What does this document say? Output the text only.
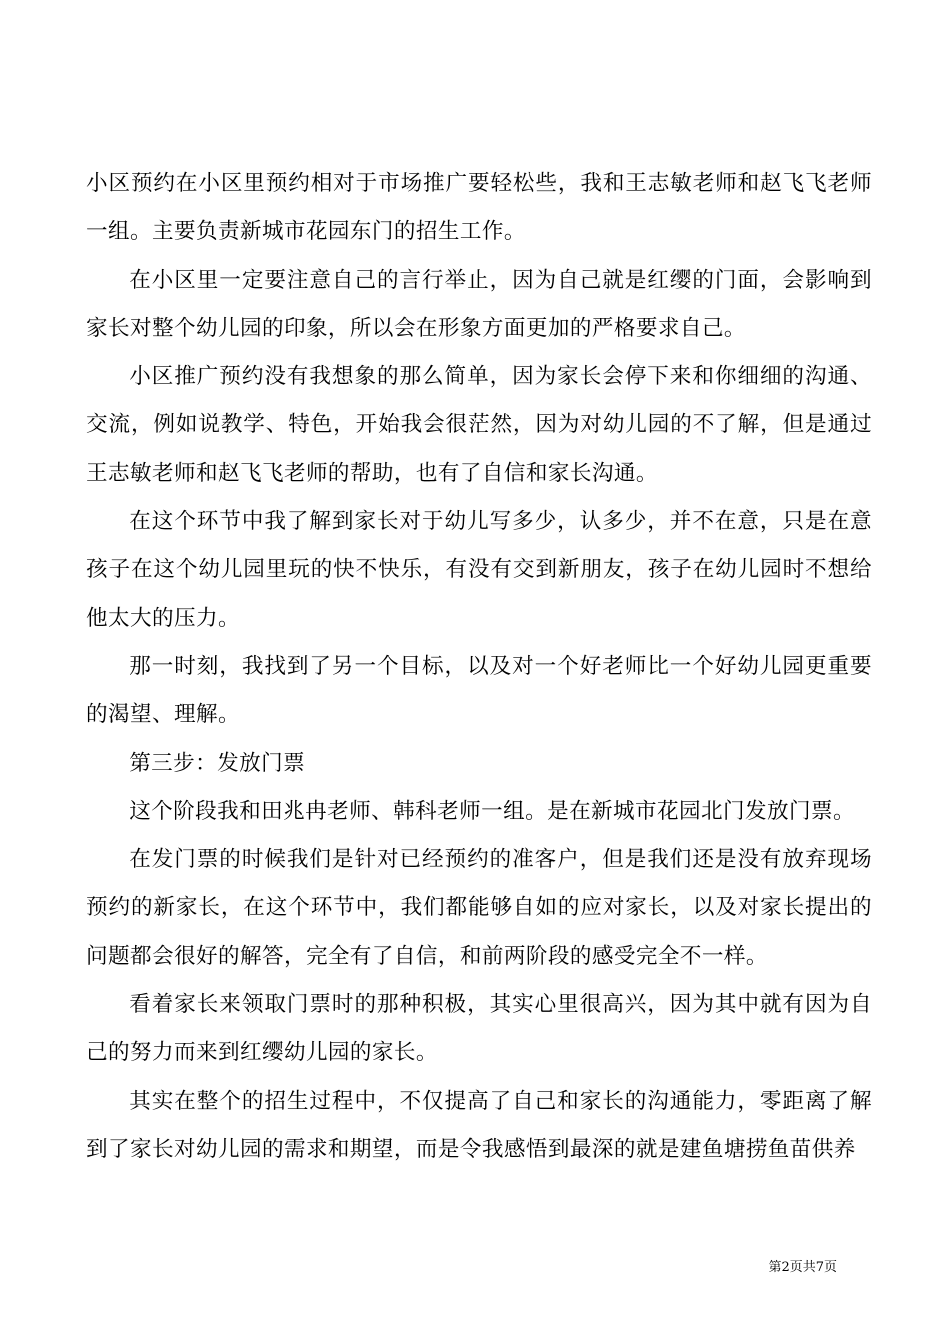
小区预约在小区里预约相对于市场推广要轻松些，我和王志敏老师和赵飞飞老师一组。主要负责新城市花园东门的招生工作。

在小区里一定要注意自己的言行举止，因为自己就是红缨的门面，会影响到家长对整个幼儿园的印象，所以会在形象方面更加的严格要求自己。

小区推广预约没有我想象的那么简单，因为家长会停下来和你细细的沟通、交流，例如说教学、特色，开始我会很茫然，因为对幼儿园的不了解，但是通过王志敏老师和赵飞飞老师的帮助，也有了自信和家长沟通。

在这个环节中我了解到家长对于幼儿写多少，认多少，并不在意，只是在意孩子在这个幼儿园里玩的快不快乐，有没有交到新朋友，孩子在幼儿园时不想给他太大的压力。

那一时刻，我找到了另一个目标，以及对一个好老师比一个好幼儿园更重要的渴望、理解。

第三步：发放门票

这个阶段我和田兆冉老师、韩科老师一组。是在新城市花园北门发放门票。

在发门票的时候我们是针对已经预约的准客户，但是我们还是没有放弃现场预约的新家长，在这个环节中，我们都能够自如的应对家长，以及对家长提出的问题都会很好的解答，完全有了自信，和前两阶段的感受完全不一样。

看着家长来领取门票时的那种积极，其实心里很高兴，因为其中就有因为自己的努力而来到红缨幼儿园的家长。

其实在整个的招生过程中，不仅提高了自己和家长的沟通能力，零距离了解到了家长对幼儿园的需求和期望，而是令我感悟到最深的就是建鱼塘捞鱼苗供养

第2页共7页
